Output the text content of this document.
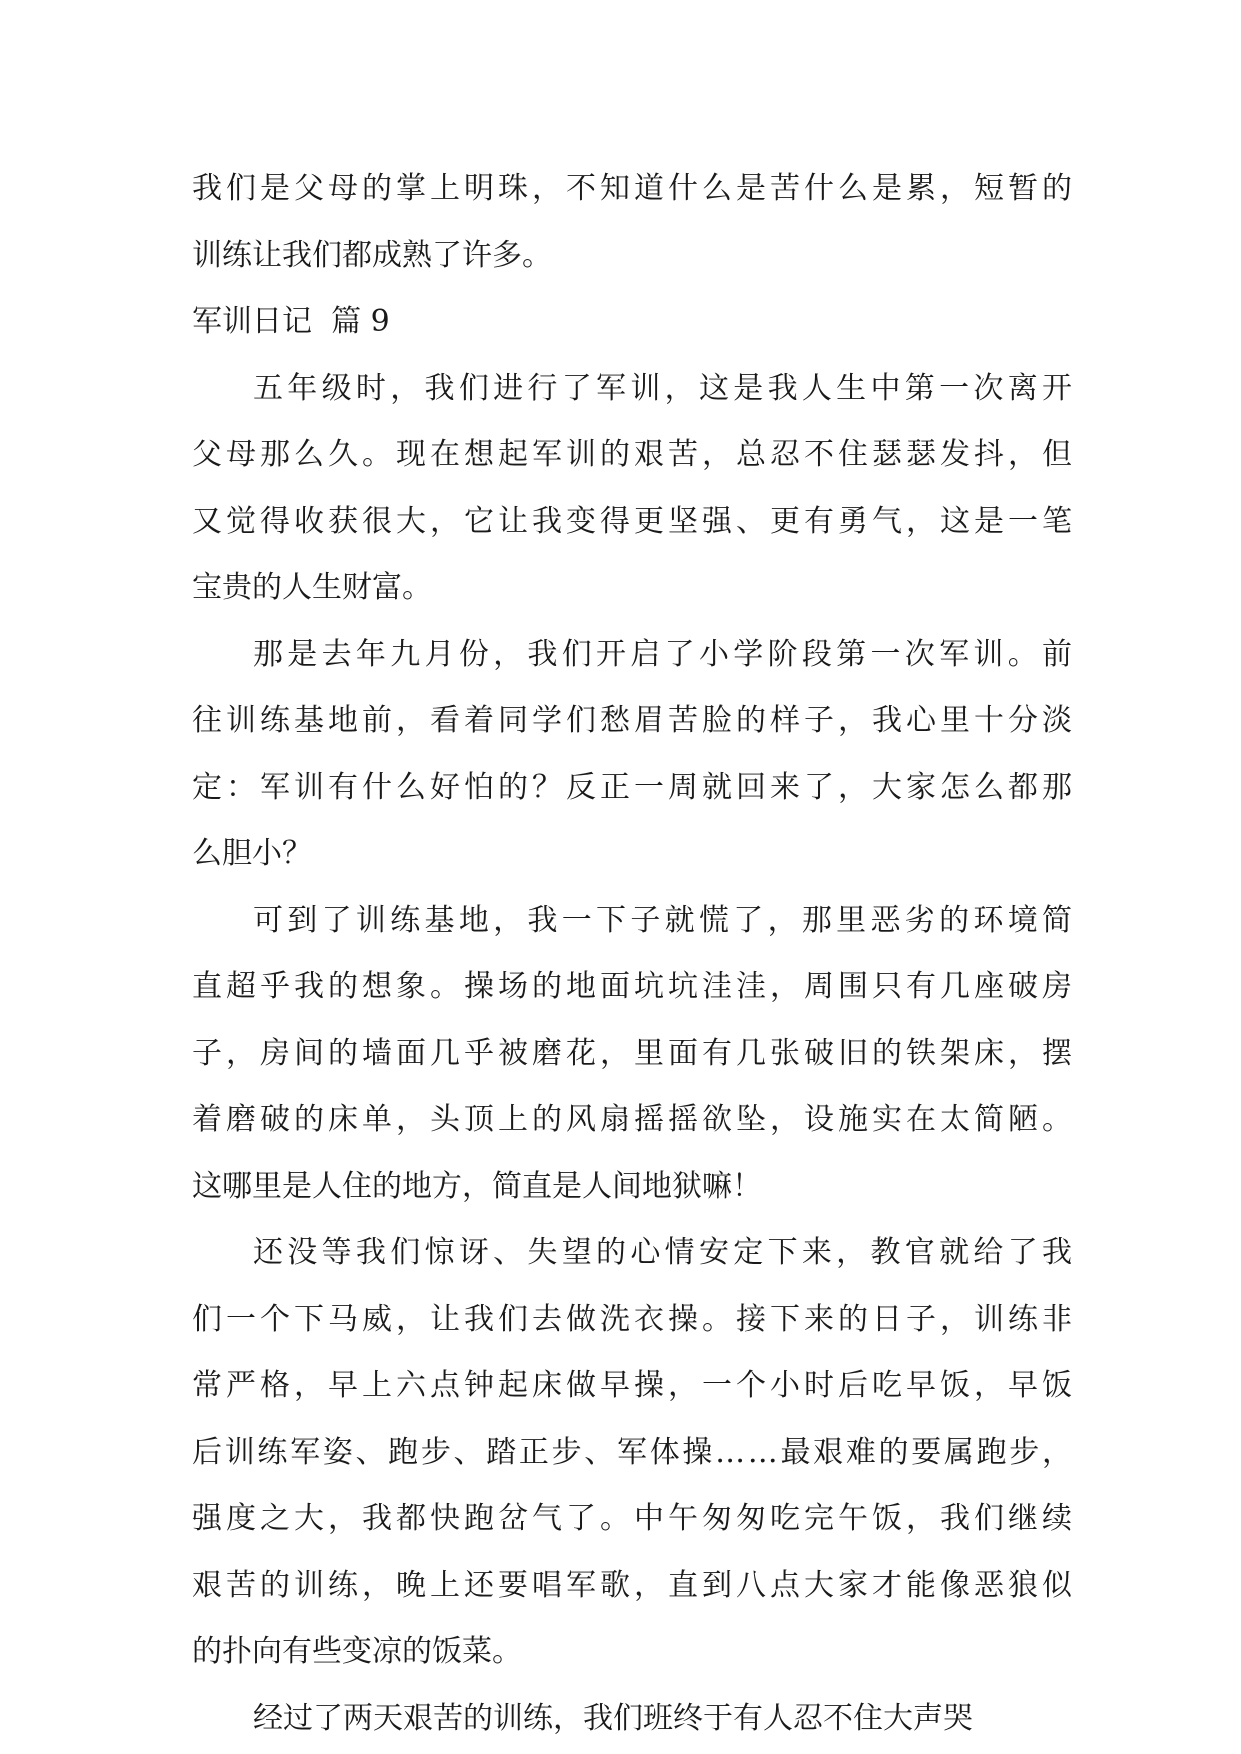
我们是父母的掌上明珠，不知道什么是苦什么是累，短暂的
训练让我们都成熟了许多。
军训日记  篇 9
五年级时，我们进行了军训，这是我人生中第一次离开
父母那么久。现在想起军训的艰苦，总忍不住瑟瑟发抖，但
又觉得收获很大，它让我变得更坚强、更有勇气，这是一笔
宝贵的人生财富。
那是去年九月份，我们开启了小学阶段第一次军训。前
往训练基地前，看着同学们愁眉苦脸的样子，我心里十分淡
定：军训有什么好怕的？反正一周就回来了，大家怎么都那
么胆小？
可到了训练基地，我一下子就慌了，那里恶劣的环境简
直超乎我的想象。操场的地面坑坑洼洼，周围只有几座破房
子，房间的墙面几乎被磨花，里面有几张破旧的铁架床，摆
着磨破的床单，头顶上的风扇摇摇欲坠，设施实在太简陋。
这哪里是人住的地方，简直是人间地狱嘛！
还没等我们惊讶、失望的心情安定下来，教官就给了我
们一个下马威，让我们去做洗衣操。接下来的日子，训练非
常严格，早上六点钟起床做早操，一个小时后吃早饭，早饭
后训练军姿、跑步、踏正步、军体操……最艰难的要属跑步，
强度之大，我都快跑岔气了。中午匆匆吃完午饭，我们继续
艰苦的训练，晚上还要唱军歌，直到八点大家才能像恶狼似
的扑向有些变凉的饭菜。
经过了两天艰苦的训练，我们班终于有人忍不住大声哭
